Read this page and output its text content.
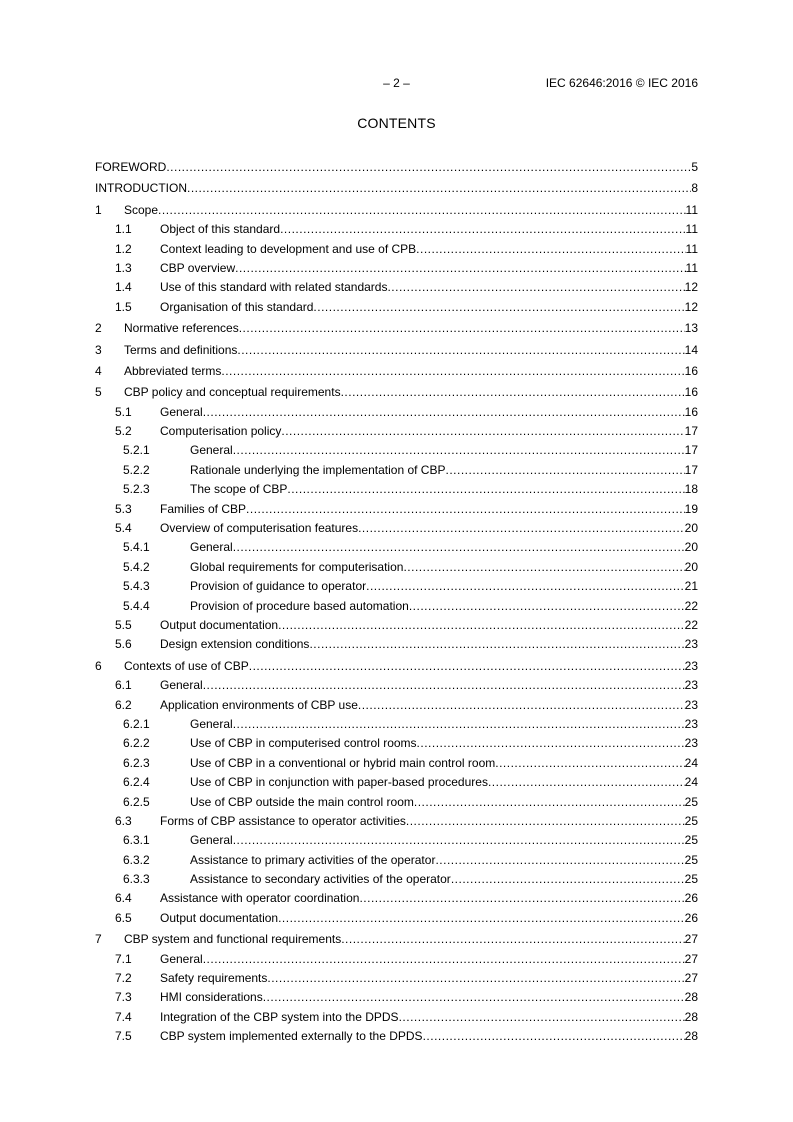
– 2 –	IEC 62646:2016 © IEC 2016
CONTENTS
FOREWORD .....	5
INTRODUCTION .....	8
1	Scope .....	11
1.1	Object of this standard .....	11
1.2	Context leading to development and use of CPB .....	11
1.3	CBP overview .....	11
1.4	Use of this standard with related standards .....	12
1.5	Organisation of this standard .....	12
2	Normative references .....	13
3	Terms and definitions .....	14
4	Abbreviated terms .....	16
5	CBP policy and conceptual requirements .....	16
5.1	General .....	16
5.2	Computerisation policy .....	17
5.2.1	General .....	17
5.2.2	Rationale underlying the implementation of CBP .....	17
5.2.3	The scope of CBP .....	18
5.3	Families of CBP .....	19
5.4	Overview of computerisation features .....	20
5.4.1	General .....	20
5.4.2	Global requirements for computerisation .....	20
5.4.3	Provision of guidance to operator .....	21
5.4.4	Provision of procedure based automation .....	22
5.5	Output documentation .....	22
5.6	Design extension conditions .....	23
6	Contexts of use of CBP .....	23
6.1	General .....	23
6.2	Application environments of CBP use .....	23
6.2.1	General .....	23
6.2.2	Use of CBP in computerised control rooms .....	23
6.2.3	Use of CBP in a conventional or hybrid main control room .....	24
6.2.4	Use of CBP in conjunction with paper-based procedures .....	24
6.2.5	Use of CBP outside the main control room .....	25
6.3	Forms of CBP assistance to operator activities .....	25
6.3.1	General .....	25
6.3.2	Assistance to primary activities of the operator .....	25
6.3.3	Assistance to secondary activities of the operator .....	25
6.4	Assistance with operator coordination .....	26
6.5	Output documentation .....	26
7	CBP system and functional requirements .....	27
7.1	General .....	27
7.2	Safety requirements .....	27
7.3	HMI considerations .....	28
7.4	Integration of the CBP system into the DPDS .....	28
7.5	CBP system implemented externally to the DPDS .....	28
